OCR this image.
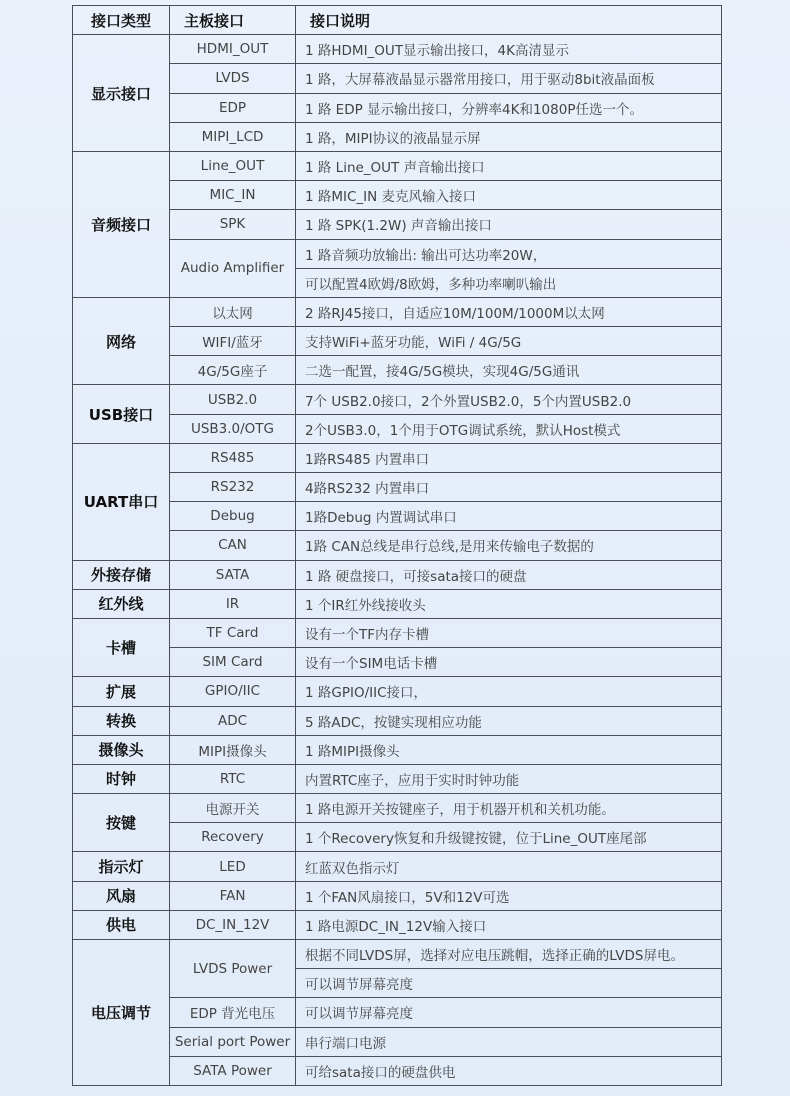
接口类型	主板接口	接口说明
显示接口	HDMI_OUT	1 路HDMI_OUT显示输出接口，4K高清显示
	LVDS	1 路，大屏幕液晶显示器常用接口，用于驱动8bit液晶面板
	EDP	1 路 EDP 显示输出接口，分辨率4K和1080P任选一个。
	MIPI_LCD	1 路，MIPI协议的液晶显示屏
音频接口	Line_OUT	1 路 Line_OUT 声音输出接口
	MIC_IN	1 路MIC_IN 麦克风输入接口
	SPK	1 路 SPK(1.2W) 声音输出接口
	Audio Amplifier	1 路音频功放输出: 输出可达功率20W，
		可以配置4欧姆/8欧姆，多种功率喇叭输出
网络	以太网	2 路RJ45接口，自适应10M/100M/1000M以太网
	WIFI/蓝牙	支持WiFi+蓝牙功能，WiFi / 4G/5G
	4G/5G座子	二选一配置，接4G/5G模块，实现4G/5G通讯
USB接口	USB2.0	7个 USB2.0接口，2个外置USB2.0，5个内置USB2.0
	USB3.0/OTG	2个USB3.0，1个用于OTG调试系统，默认Host模式
UART串口	RS485	1路RS485 内置串口
	RS232	4路RS232 内置串口
	Debug	1路Debug 内置调试串口
	CAN	1路 CAN总线是串行总线,是用来传输电子数据的
外接存储	SATA	1 路 硬盘接口，可接sata接口的硬盘
红外线	IR	1 个IR红外线接收头
卡槽	TF Card	设有一个TF内存卡槽
	SIM Card	设有一个SIM电话卡槽
扩展	GPIO/IIC	1 路GPIO/IIC接口，
转换	ADC	5 路ADC，按键实现相应功能
摄像头	MIPI摄像头	1 路MIPI摄像头
时钟	RTC	内置RTC座子，应用于实时时钟功能
按键	电源开关	1 路电源开关按键座子，用于机器开机和关机功能。
	Recovery	1 个Recovery恢复和升级键按键，位于Line_OUT座尾部
指示灯	LED	红蓝双色指示灯
风扇	FAN	1 个FAN风扇接口，5V和12V可选
供电	DC_IN_12V	1 路电源DC_IN_12V输入接口
电压调节	LVDS Power	根据不同LVDS屏，选择对应电压跳帽，选择正确的LVDS屏电。
		可以调节屏幕亮度
	EDP 背光电压	可以调节屏幕亮度
	Serial port Power	串行端口电源
	SATA Power	可给sata接口的硬盘供电
